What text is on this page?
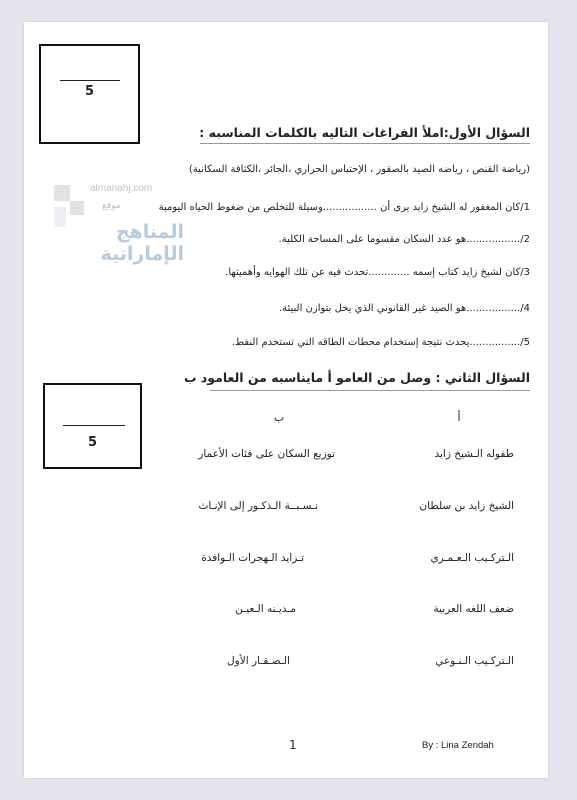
5
السؤال الأول:املأ الفراغات التاليه بالكلمات المناسبه :
(رياضة القنص ، رياضه الصيد بالصقور ، الإحتباس الحراري ،الجائر ،الكثافة السكانية)
1/كان المغفور له الشيخ زايد يرى أن .................وسيلة للتخلص من ضغوط الحياه اليومية
2/.................هو عدد السكان مقسوما على المساحة الكلية.
3/كان لشيخ زايد كتاب إسمه .............تحدث فيه عن تلك الهوايه وأهميتها.
4/.................هو الصيد غير القانوني الذي يخل بتوازن البيئة.
5/................يحدث نتيجة إستخدام محطات الطاقه التي تستخدم النفط.
5
السؤال الثاني : وصل من العامو أ مايناسبه من العامود ب
أ
ب
طفوله الـشيخ زايد
الشيخ زايد بن سلطان
الـتركـيب الـعـمـري
ضعف اللغه العربية
الـتركـيب الـنـوعي
توزيع السكان على فئات الأعمار
نـسـبــة الـذكـور إلى الإنـاث
تـزايد الـهجرات الـوافدة
مـديـنه الـعيـن
الـصـقـار الأول
1	By : Lina Zendah
almanahj.com
موقع
المناهج الإماراتية
